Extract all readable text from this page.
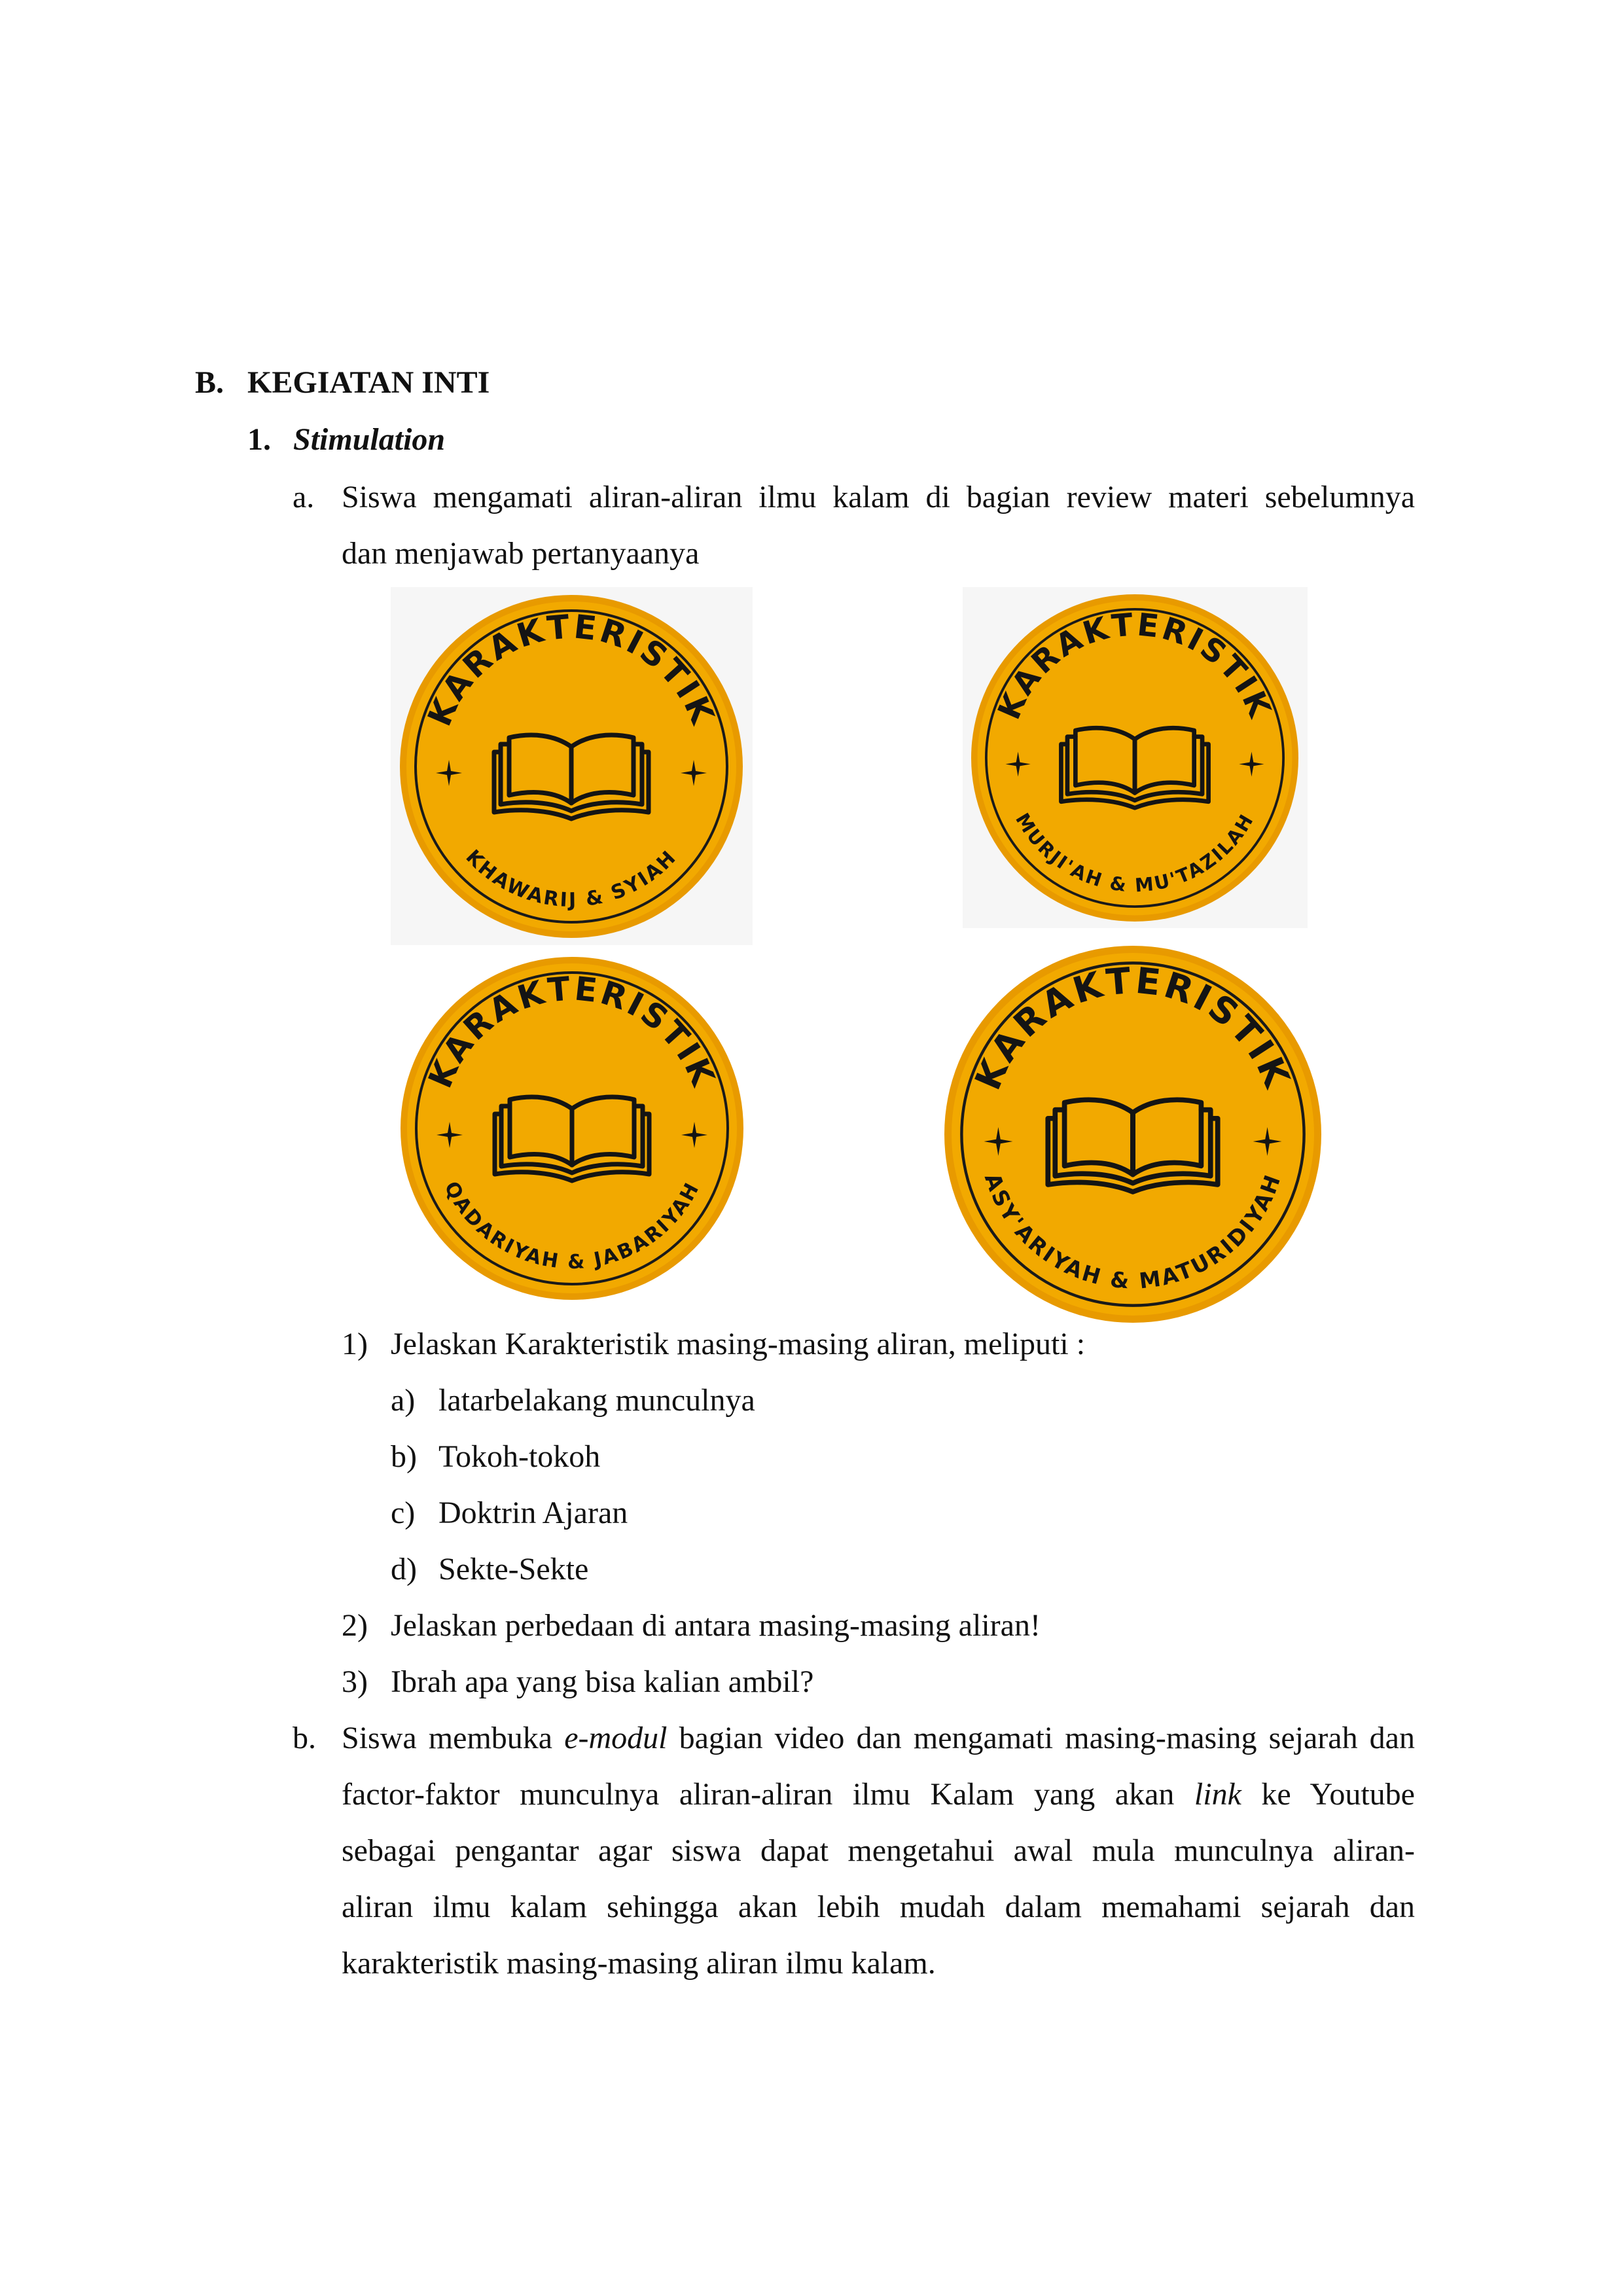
B. KEGIATAN INTI
1. Stimulation
a. Siswa mengamati aliran-aliran ilmu kalam di bagian review materi sebelumnya
dan menjawab pertanyaanya
KARAKTERISTIK
KHAWARIJ & SYIAH
KARAKTERISTIK
MURJI'AH & MU'TAZILAH
KARAKTERISTIK
QADARIYAH & JABARIYAH
KARAKTERISTIK
ASY'ARIYAH & MATURIDIYAH
1) Jelaskan Karakteristik masing-masing aliran, meliputi :
a) latarbelakang munculnya
b) Tokoh-tokoh
c) Doktrin Ajaran
d) Sekte-Sekte
2) Jelaskan perbedaan di antara masing-masing aliran!
3) Ibrah apa yang bisa kalian ambil?
b. Siswa membuka e-modul bagian video dan mengamati masing-masing sejarah dan
factor-faktor munculnya aliran-aliran ilmu Kalam yang akan link ke Youtube
sebagai pengantar agar siswa dapat mengetahui awal mula munculnya aliran-
aliran ilmu kalam sehingga akan lebih mudah dalam memahami sejarah dan
karakteristik masing-masing aliran ilmu kalam.
